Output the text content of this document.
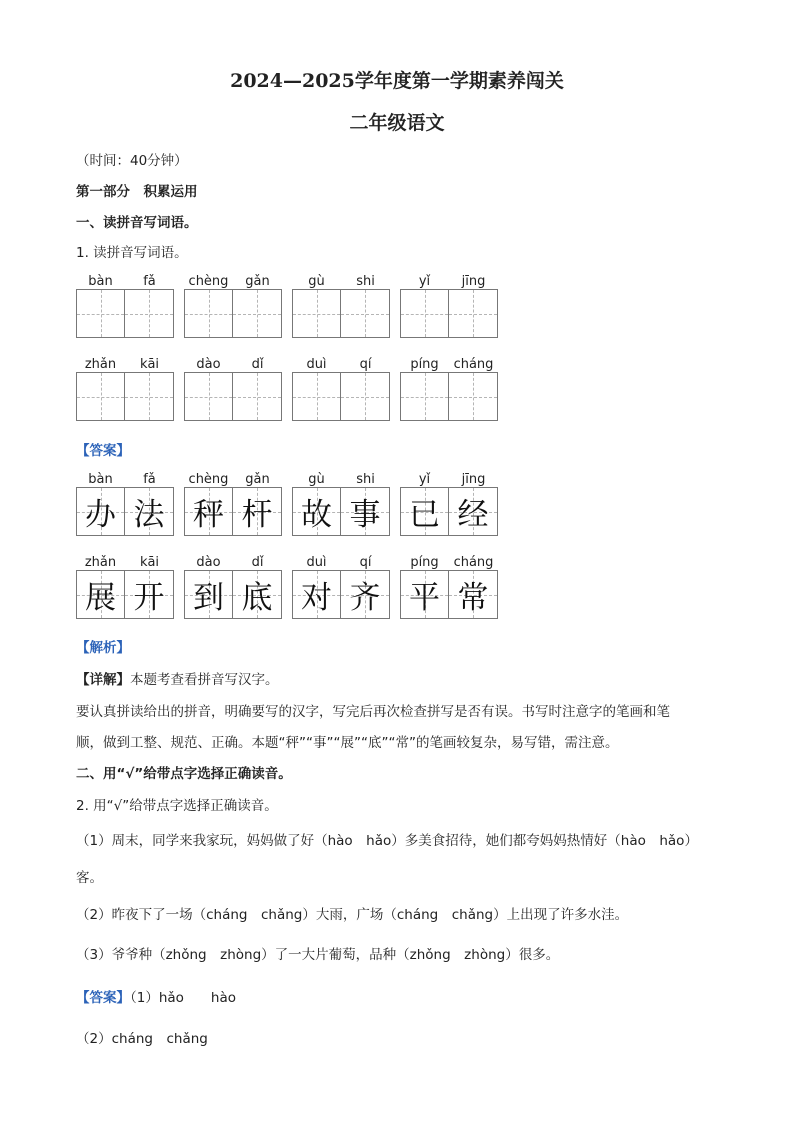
2024—2025学年度第一学期素养闯关
二年级语文
（时间：40分钟）
第一部分　积累运用
一、读拼音写词语。
1. 读拼音写词语。
bàn	fǎ	chèng	gǎn	gù	shi	yǐ	jīng
zhǎn	kāi	dào	dǐ	duì	qí	píng	cháng
【答案】
bàn	fǎ
办 法
chèng	gǎn
秤 杆
gù	shi
故 事
yǐ	jīng
已 经
zhǎn	kāi
展 开
dào	dǐ
到 底
duì	qí
对 齐
píng	cháng
平 常
【解析】
【详解】本题考查看拼音写汉字。
要认真拼读给出的拼音，明确要写的汉字，写完后再次检查拼写是否有误。书写时注意字的笔画和笔
顺，做到工整、规范、正确。本题“秤”“事”“展”“底”“常”的笔画较复杂，易写错，需注意。
二、用“√”给带点字选择正确读音。
2. 用“√”给带点字选择正确读音。
（1）周末，同学来我家玩，妈妈做了好（hào　hǎo）多美食招待，她们都夸妈妈热情好（hào　hǎo）
客。
（2）昨夜下了一场（cháng　chǎng）大雨，广场（cháng　chǎng）上出现了许多水洼。
（3）爷爷种（zhǒng　zhòng）了一大片葡萄，品种（zhǒng　zhòng）很多。
【答案】（1）hǎo　　hào
（2）cháng　chǎng
